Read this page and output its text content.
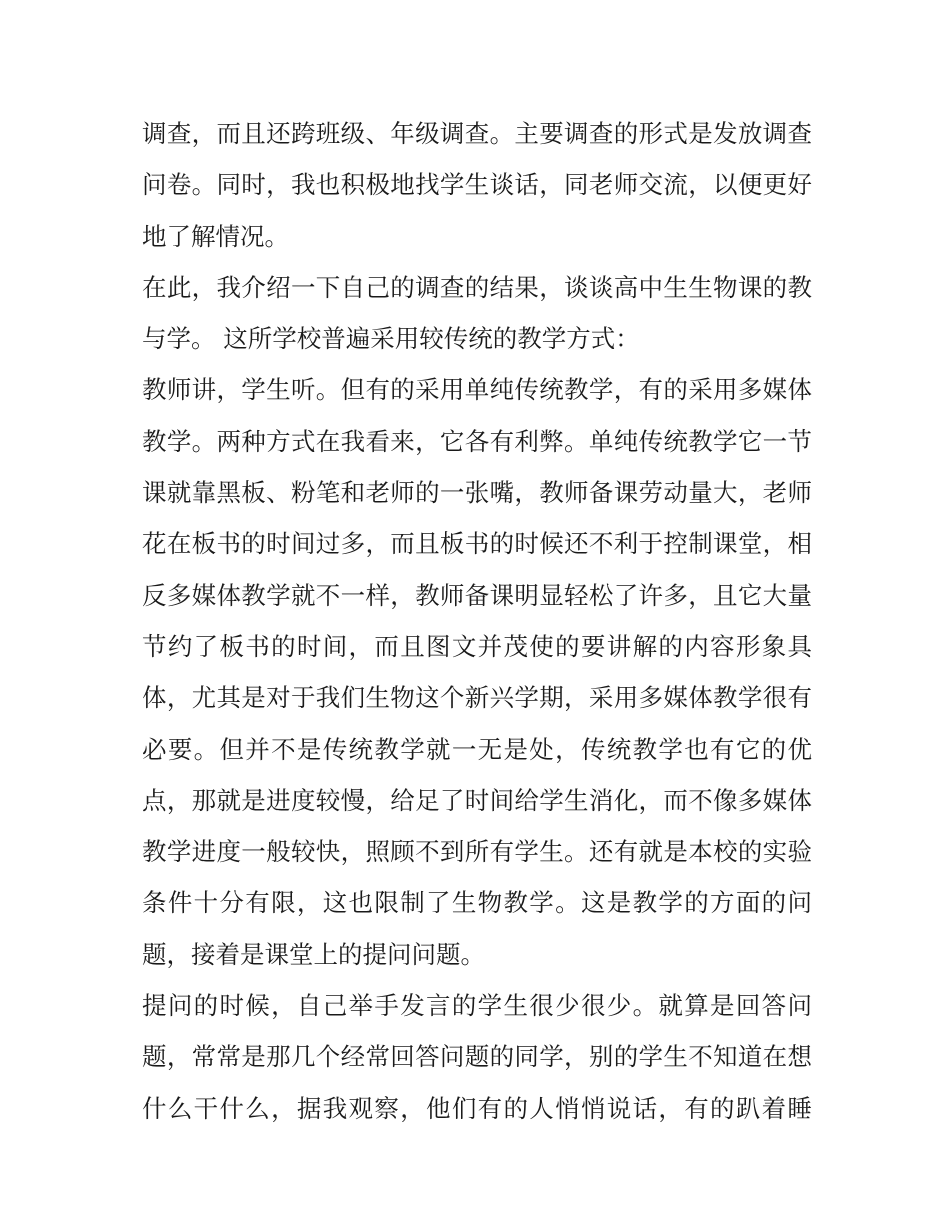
调查，而且还跨班级、年级调查。主要调查的形式是发放调查
问卷。同时，我也积极地找学生谈话，同老师交流，以便更好
地了解情况。
在此，我介绍一下自己的调查的结果，谈谈高中生生物课的教
与学。 这所学校普遍采用较传统的教学方式：
教师讲，学生听。但有的采用单纯传统教学，有的采用多媒体
教学。两种方式在我看来，它各有利弊。单纯传统教学它一节
课就靠黑板、粉笔和老师的一张嘴，教师备课劳动量大，老师
花在板书的时间过多，而且板书的时候还不利于控制课堂，相
反多媒体教学就不一样，教师备课明显轻松了许多，且它大量
节约了板书的时间，而且图文并茂使的要讲解的内容形象具
体，尤其是对于我们生物这个新兴学期，采用多媒体教学很有
必要。但并不是传统教学就一无是处，传统教学也有它的优
点，那就是进度较慢，给足了时间给学生消化，而不像多媒体
教学进度一般较快，照顾不到所有学生。还有就是本校的实验
条件十分有限，这也限制了生物教学。这是教学的方面的问
题，接着是课堂上的提问问题。
提问的时候，自己举手发言的学生很少很少。就算是回答问
题，常常是那几个经常回答问题的同学，别的学生不知道在想
什么干什么，据我观察，他们有的人悄悄说话，有的趴着睡
